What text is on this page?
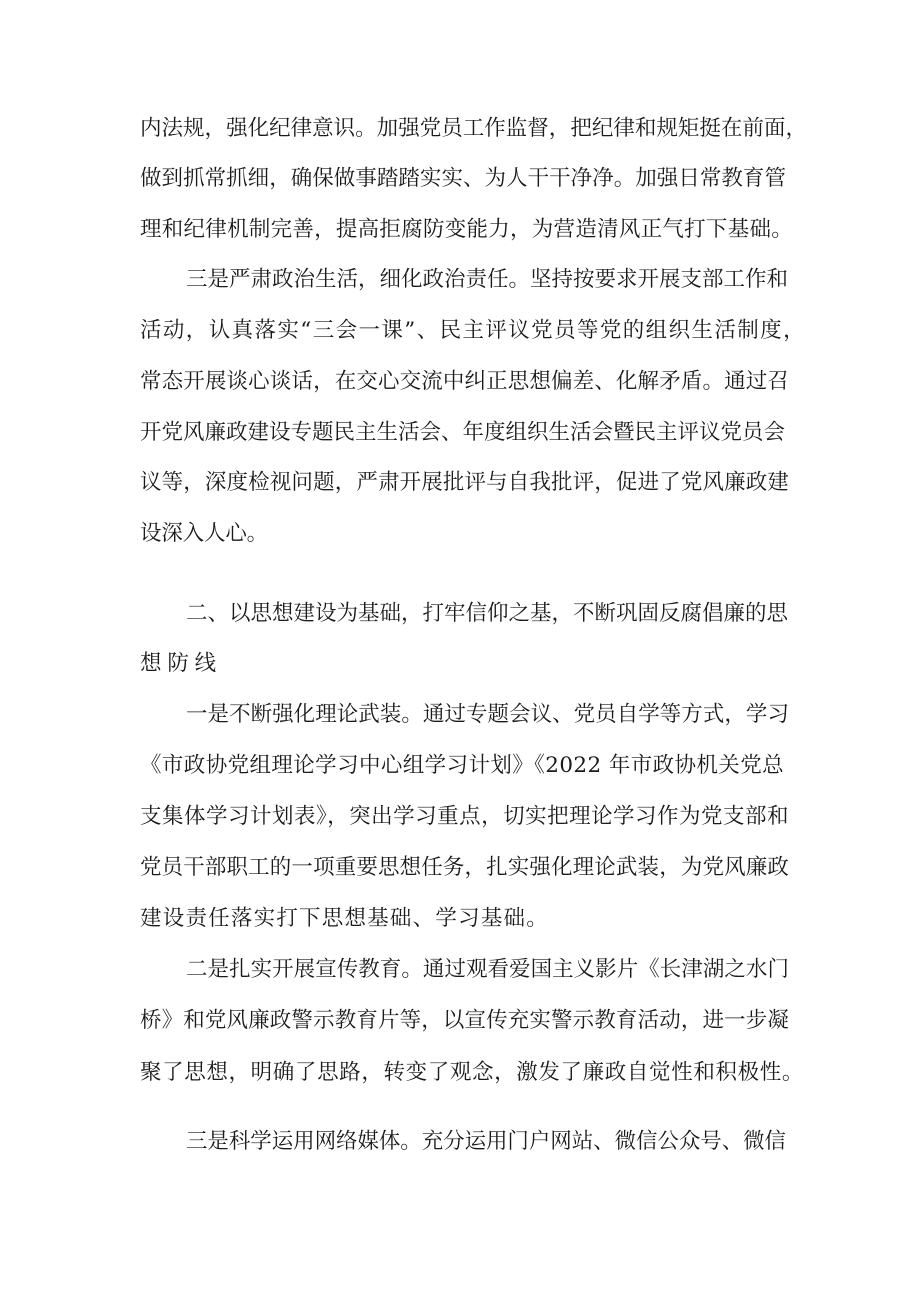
内法规，强化纪律意识。加强党员工作监督，把纪律和规矩挺在前面，
做到抓常抓细，确保做事踏踏实实、为人干干净净。加强日常教育管
理和纪律机制完善，提高拒腐防变能力，为营造清风正气打下基础。
三是严肃政治生活，细化政治责任。坚持按要求开展支部工作和
活动，认真落实“三会一课”、民主评议党员等党的组织生活制度，
常态开展谈心谈话，在交心交流中纠正思想偏差、化解矛盾。通过召
开党风廉政建设专题民主生活会、年度组织生活会暨民主评议党员会
议等，深度检视问题，严肃开展批评与自我批评，促进了党风廉政建
设深入人心。
二、以思想建设为基础，打牢信仰之基，不断巩固反腐倡廉的思
想防线
一是不断强化理论武装。通过专题会议、党员自学等方式，学习
《市政协党组理论学习中心组学习计划》《2022 年市政协机关党总
支集体学习计划表》，突出学习重点，切实把理论学习作为党支部和
党员干部职工的一项重要思想任务，扎实强化理论武装，为党风廉政
建设责任落实打下思想基础、学习基础。
二是扎实开展宣传教育。通过观看爱国主义影片《长津湖之水门
桥》和党风廉政警示教育片等，以宣传充实警示教育活动，进一步凝
聚了思想，明确了思路，转变了观念，激发了廉政自觉性和积极性。
三是科学运用网络媒体。充分运用门户网站、微信公众号、微信
